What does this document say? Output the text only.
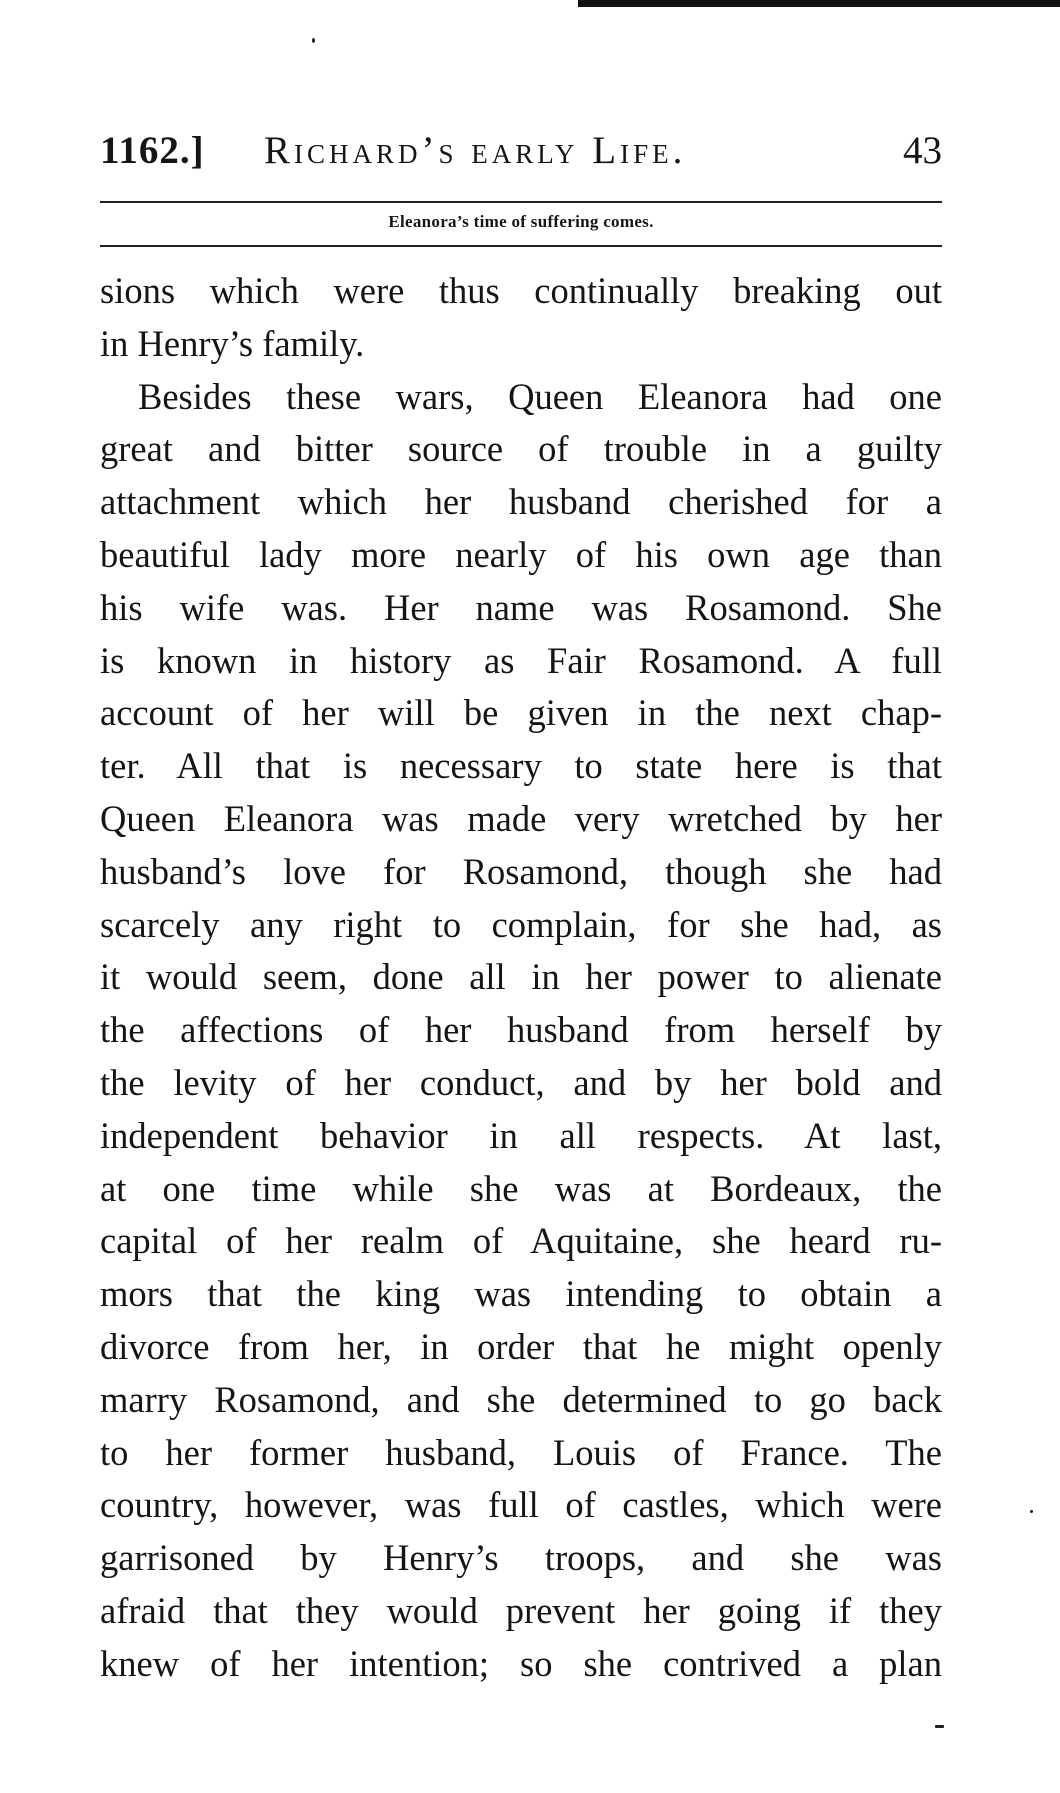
1162.] Richard’s early Life.	43
Eleanora’s time of suffering comes.
sions which were thus continually breaking out
in Henry’s family.
Besides these wars, Queen Eleanora had one
great and bitter source of trouble in a guilty
attachment which her husband cherished for a
beautiful lady more nearly of his own age than
his wife was. Her name was Rosamond. She
is known in history as Fair Rosamond. A full
account of her will be given in the next chap-
ter. All that is necessary to state here is that
Queen Eleanora was made very wretched by her
husband’s love for Rosamond, though she had
scarcely any right to complain, for she had, as
it would seem, done all in her power to alienate
the affections of her husband from herself by
the levity of her conduct, and by her bold and
independent behavior in all respects. At last,
at one time while she was at Bordeaux, the
capital of her realm of Aquitaine, she heard ru-
mors that the king was intending to obtain a
divorce from her, in order that he might openly
marry Rosamond, and she determined to go back
to her former husband, Louis of France. The
country, however, was full of castles, which were
garrisoned by Henry’s troops, and she was
afraid that they would prevent her going if they
knew of her intention; so she contrived a plan
